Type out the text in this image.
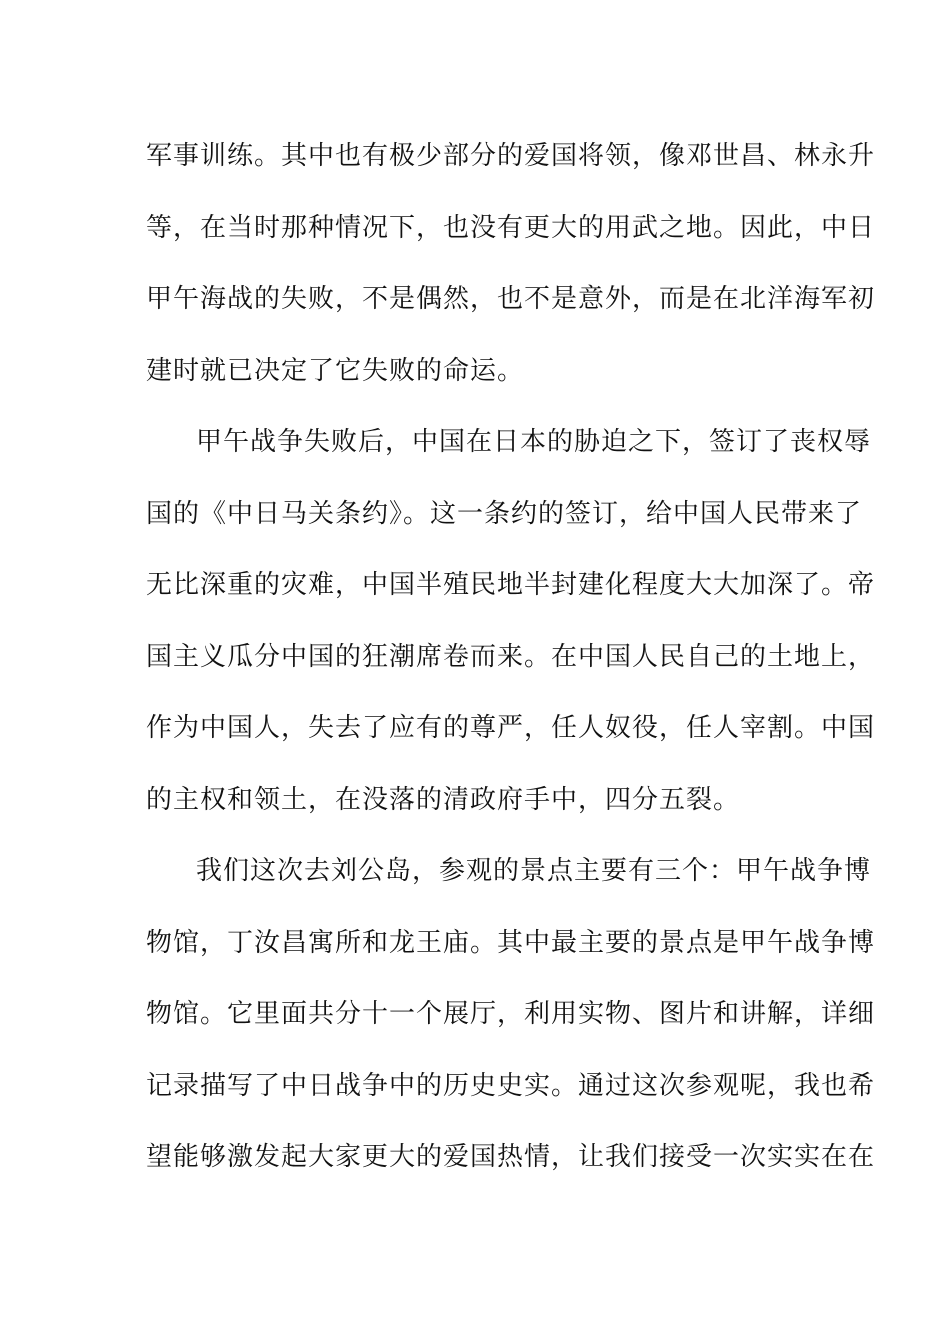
军事训练。其中也有极少部分的爱国将领，像邓世昌、林永升
等，在当时那种情况下，也没有更大的用武之地。因此，中日
甲午海战的失败，不是偶然，也不是意外，而是在北洋海军初
建时就已决定了它失败的命运。
甲午战争失败后，中国在日本的胁迫之下，签订了丧权辱
国的《中日马关条约》。这一条约的签订，给中国人民带来了
无比深重的灾难，中国半殖民地半封建化程度大大加深了。帝
国主义瓜分中国的狂潮席卷而来。在中国人民自己的土地上，
作为中国人，失去了应有的尊严，任人奴役，任人宰割。中国
的主权和领土，在没落的清政府手中，四分五裂。
我们这次去刘公岛，参观的景点主要有三个：甲午战争博
物馆，丁汝昌寓所和龙王庙。其中最主要的景点是甲午战争博
物馆。它里面共分十一个展厅，利用实物、图片和讲解，详细
记录描写了中日战争中的历史史实。通过这次参观呢，我也希
望能够激发起大家更大的爱国热情，让我们接受一次实实在在
